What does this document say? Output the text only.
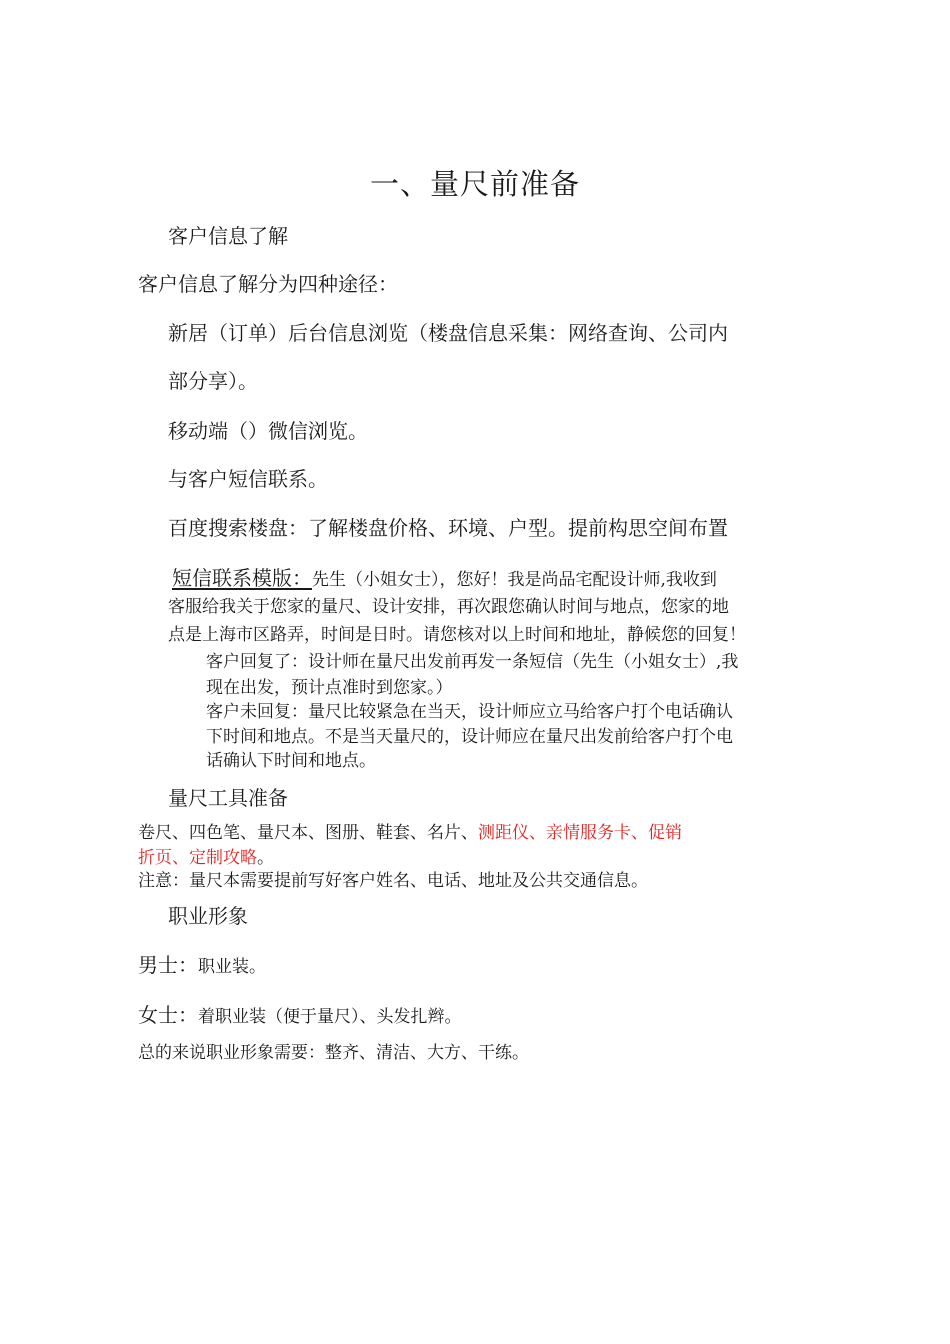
一、量尺前准备
客户信息了解
客户信息了解分为四种途径：
新居（订单）后台信息浏览（楼盘信息采集：网络查询、公司内
部分享）。
移动端（）微信浏览。
与客户短信联系。
百度搜索楼盘：了解楼盘价格、环境、户型。提前构思空间布置
短信联系模版：先生（小姐女士），您好！我是尚品宅配设计师,我收到
客服给我关于您家的量尺、设计安排，再次跟您确认时间与地点，您家的地
点是上海市区路弄，时间是日时。请您核对以上时间和地址，静候您的回复！
客户回复了：设计师在量尺出发前再发一条短信（先生（小姐女士）,我
现在出发，预计点准时到您家。）
客户未回复：量尺比较紧急在当天，设计师应立马给客户打个电话确认
下时间和地点。不是当天量尺的，设计师应在量尺出发前给客户打个电
话确认下时间和地点。
量尺工具准备
卷尺、四色笔、量尺本、图册、鞋套、名片、测距仪、亲情服务卡、促销
折页、定制攻略。
注意：量尺本需要提前写好客户姓名、电话、地址及公共交通信息。
职业形象
男士：职业装。
女士：着职业装（便于量尺）、头发扎辫。
总的来说职业形象需要：整齐、清洁、大方、干练。
